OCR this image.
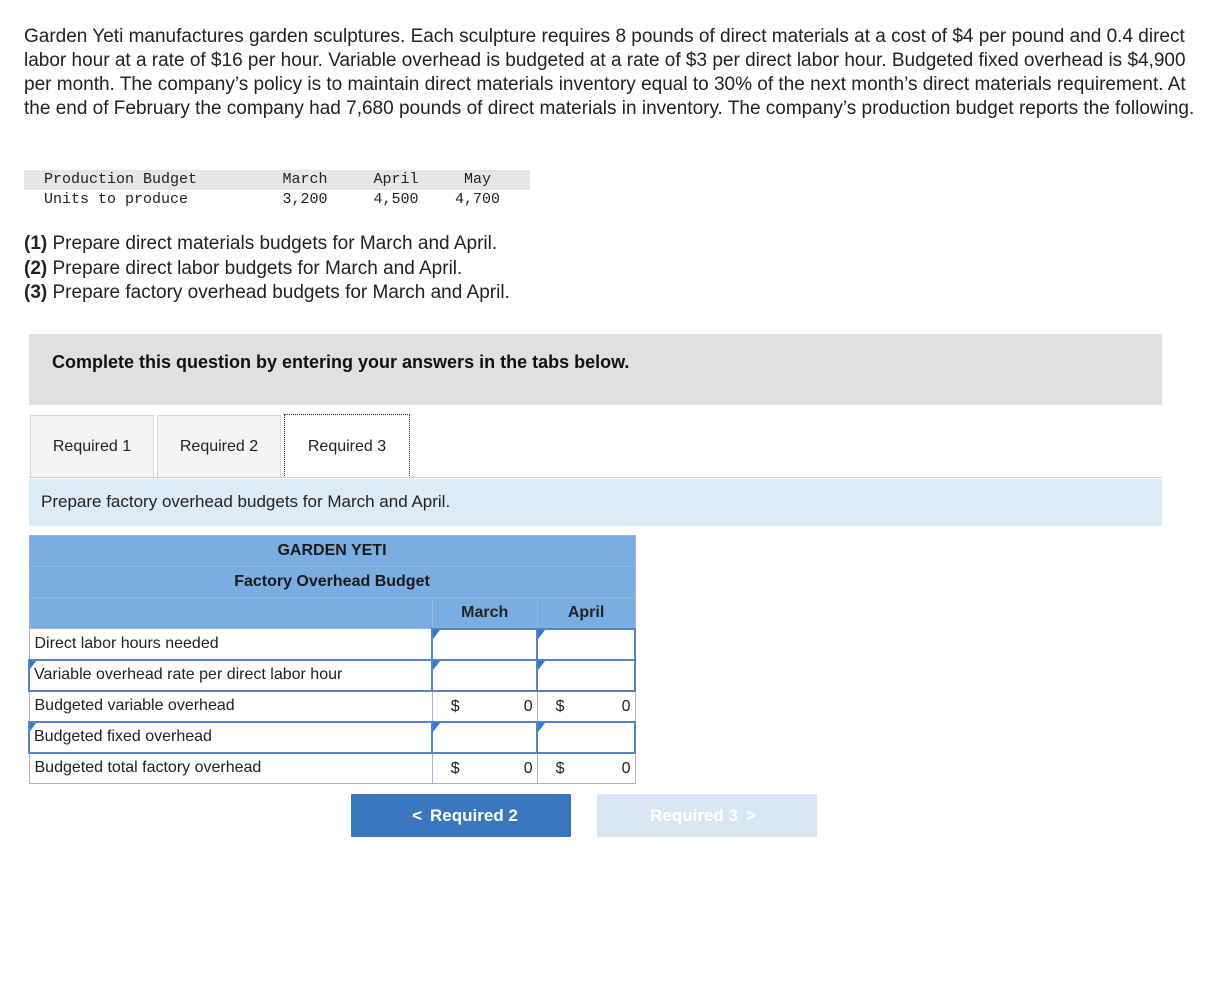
Garden Yeti manufactures garden sculptures. Each sculpture requires 8 pounds of direct materials at a cost of $4 per pound and 0.4 direct labor hour at a rate of $16 per hour. Variable overhead is budgeted at a rate of $3 per direct labor hour. Budgeted fixed overhead is $4,900 per month. The company’s policy is to maintain direct materials inventory equal to 30% of the next month’s direct materials requirement. At the end of February the company had 7,680 pounds of direct materials in inventory. The company’s production budget reports the following.

Production Budget	March	April	May
Units to produce	3,200	4,500	4,700
(1) Prepare direct materials budgets for March and April.
(2) Prepare direct labor budgets for March and April.
(3) Prepare factory overhead budgets for March and April.
Complete this question by entering your answers in the tabs below.
Required 1	Required 2	Required 3
Prepare factory overhead budgets for March and April.
GARDEN YETI		
Factory Overhead Budget		
	March	April
Direct labor hours needed		
Variable overhead rate per direct labor hour		
Budgeted variable overhead	$ 0	$ 0

Budgeted fixed overhead		
Budgeted total factory overhead	$ 0	$ 0
< Required 2	Required 3 >
